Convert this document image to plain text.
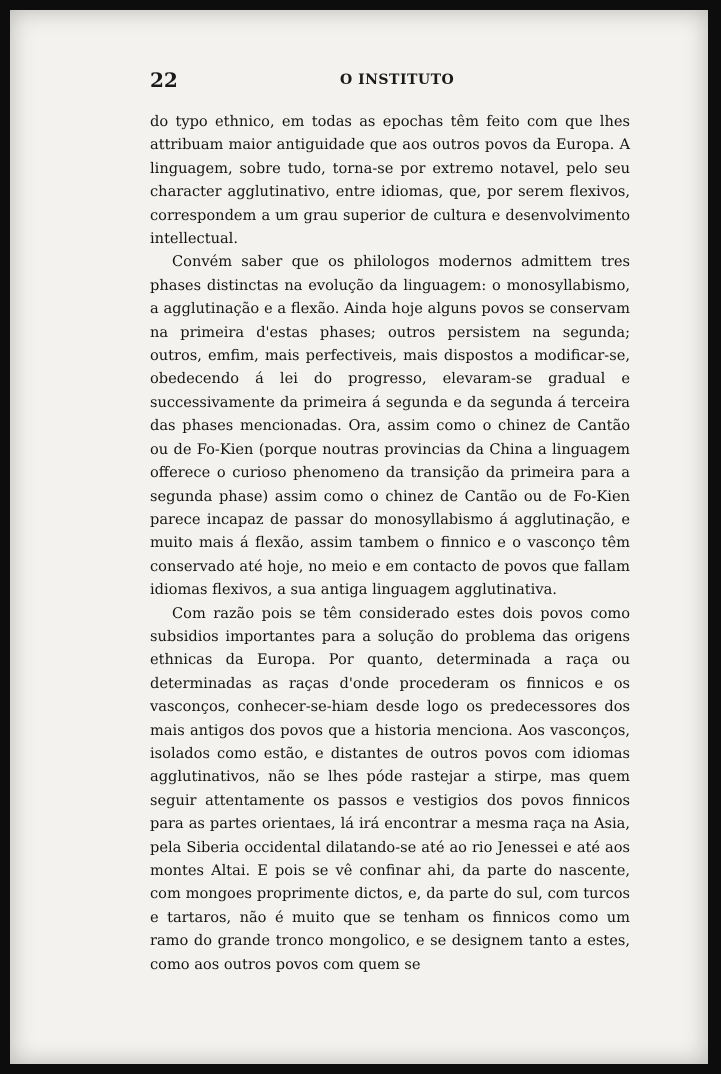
22	O INSTITUTO

do typo ethnico, em todas as epochas têm feito com que lhes attribuam maior antiguidade que aos outros povos da Europa. A linguagem, sobre tudo, torna-se por extremo notavel, pelo seu character agglutinativo, entre idiomas, que, por serem flexivos, correspondem a um grau superior de cultura e desenvolvimento intellectual.

Convém saber que os philologos modernos admittem tres phases distinctas na evolução da linguagem: o monosyllabismo, a agglutinação e a flexão. Ainda hoje alguns povos se conservam na primeira d'estas phases; outros persistem na segunda; outros, emfim, mais perfectiveis, mais dispostos a modificar-se, obedecendo á lei do progresso, elevaram-se gradual e successivamente da primeira á segunda e da segunda á terceira das phases mencionadas. Ora, assim como o chinez de Cantão ou de Fo-Kien (porque noutras provincias da China a linguagem offerece o curioso phenomeno da transição da primeira para a segunda phase) assim como o chinez de Cantão ou de Fo-Kien parece incapaz de passar do monosyllabismo á agglutinação, e muito mais á flexão, assim tambem o finnico e o vasconço têm conservado até hoje, no meio e em contacto de povos que fallam idiomas flexivos, a sua antiga linguagem agglutinativa.

Com razão pois se têm considerado estes dois povos como subsidios importantes para a solução do problema das origens ethnicas da Europa. Por quanto, determinada a raça ou determinadas as raças d'onde procederam os finnicos e os vasconços, conhecer-se-hiam desde logo os predecessores dos mais antigos dos povos que a historia menciona. Aos vasconços, isolados como estão, e distantes de outros povos com idiomas agglutinativos, não se lhes póde rastejar a stirpe, mas quem seguir attentamente os passos e vestigios dos povos finnicos para as partes orientaes, lá irá encontrar a mesma raça na Asia, pela Siberia occidental dilatando-se até ao rio Jenessei e até aos montes Altai. E pois se vê confinar ahi, da parte do nascente, com mongoes proprimente dictos, e, da parte do sul, com turcos e tartaros, não é muito que se tenham os finnicos como um ramo do grande tronco mongolico, e se designem tanto a estes, como aos outros povos com quem se
